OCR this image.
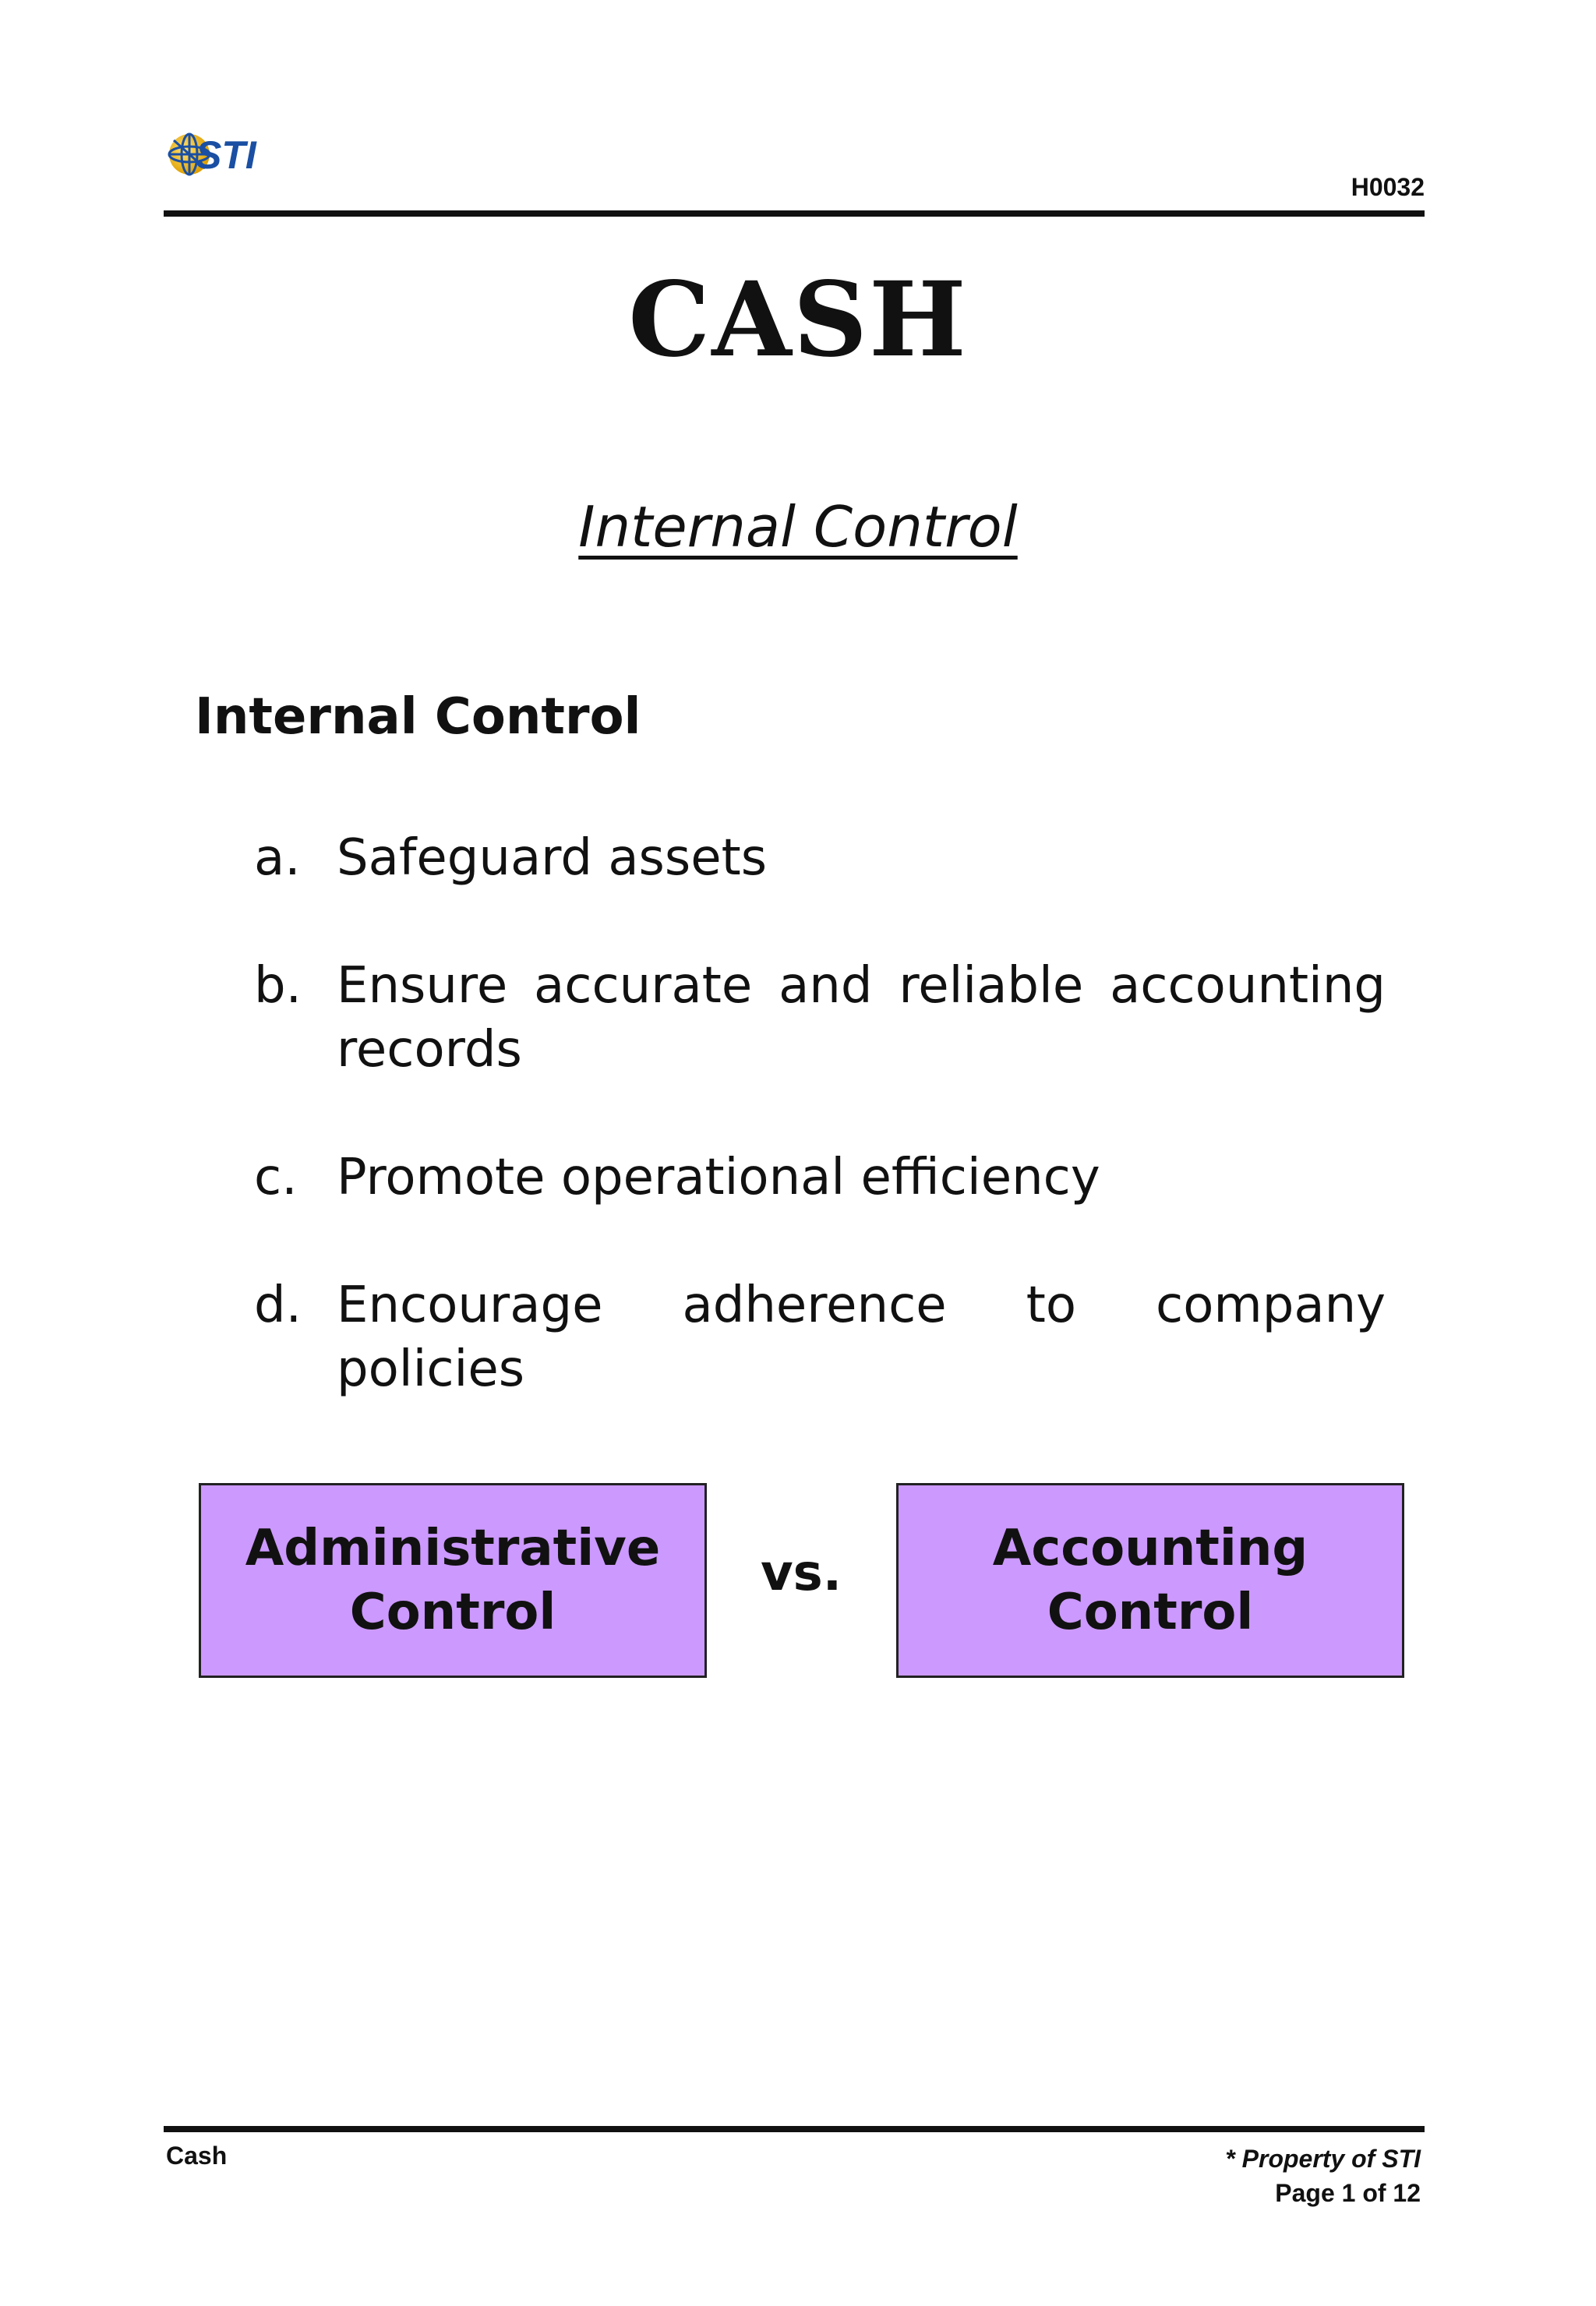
STI
H0032
CASH
Internal Control
Internal Control
a. Safeguard assets
b. Ensure accurate and reliable accounting records
c. Promote operational efficiency
d. Encourage adherence to company policies
Administrative
Control
vs.	Accounting
Control
Cash	* Property of STI
Page 1 of 12
